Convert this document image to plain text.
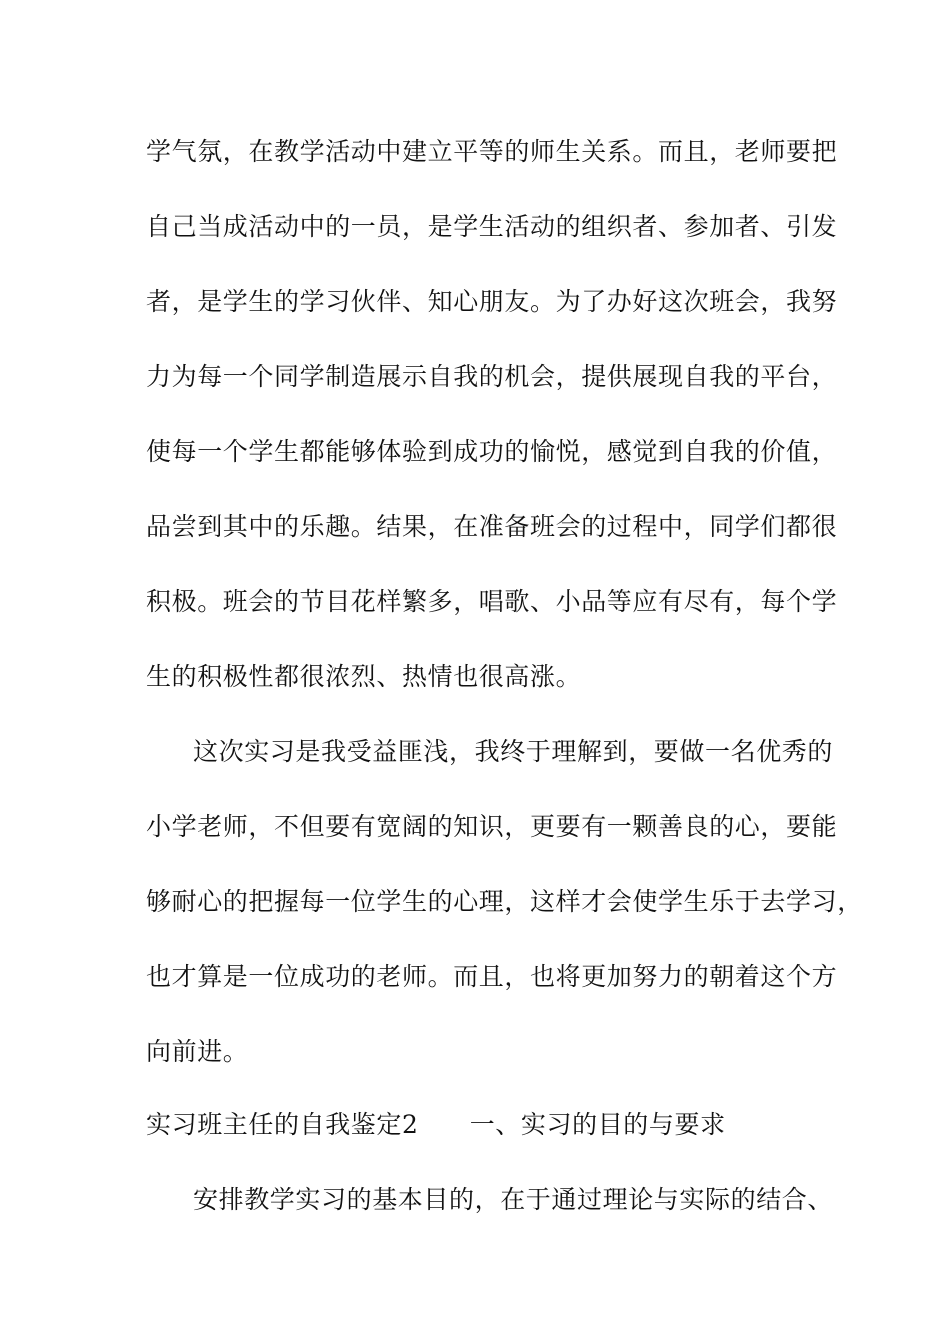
学气氛，在教学活动中建立平等的师生关系。而且，老师要把
自己当成活动中的一员，是学生活动的组织者、参加者、引发
者，是学生的学习伙伴、知心朋友。为了办好这次班会，我努
力为每一个同学制造展示自我的机会，提供展现自我的平台，
使每一个学生都能够体验到成功的愉悦，感觉到自我的价值，
品尝到其中的乐趣。结果，在准备班会的过程中，同学们都很
积极。班会的节目花样繁多，唱歌、小品等应有尽有，每个学
生的积极性都很浓烈、热情也很高涨。
这次实习是我受益匪浅，我终于理解到，要做一名优秀的
小学老师，不但要有宽阔的知识，更要有一颗善良的心，要能
够耐心的把握每一位学生的心理，这样才会使学生乐于去学习，
也才算是一位成功的老师。而且，也将更加努力的朝着这个方
向前进。
实习班主任的自我鉴定2　　一、实习的目的与要求
安排教学实习的基本目的，在于通过理论与实际的结合、
